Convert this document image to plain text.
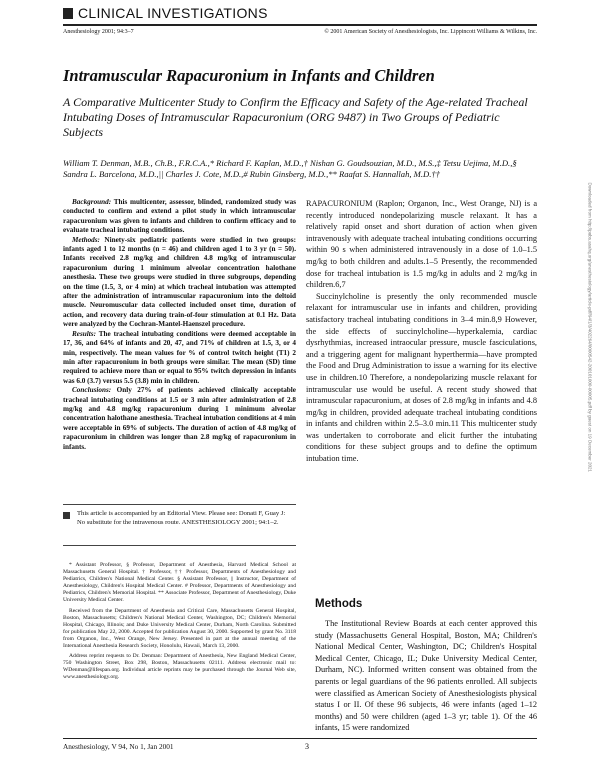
CLINICAL INVESTIGATIONS
Anesthesiology 2001; 94:3–7	© 2001 American Society of Anesthesiologists, Inc. Lippincott Williams & Wilkins, Inc.
Intramuscular Rapacuronium in Infants and Children
A Comparative Multicenter Study to Confirm the Efficacy and Safety of the Age-related Tracheal Intubating Doses of Intramuscular Rapacuronium (ORG 9487) in Two Groups of Pediatric Subjects
William T. Denman, M.B., Ch.B., F.R.C.A.,* Richard F. Kaplan, M.D.,† Nishan G. Goudsouzian, M.D., M.S.,‡ Tetsu Uejima, M.D.,§ Sandra L. Barcelona, M.D.,|| Charles J. Cote, M.D.,# Rubin Ginsberg, M.D.,** Raafat S. Hannallah, M.D.††

Background: This multicenter, assessor, blinded, randomized study was conducted to confirm and extend a pilot study in which intramuscular rapacuronium was given to infants and children to confirm efficacy and to evaluate tracheal intubating conditions.

Methods: Ninety-six pediatric patients were studied in two groups: infants aged 1 to 12 months (n = 46) and children aged 1 to 3 yr (n = 50). Infants received 2.8 mg/kg and children 4.8 mg/kg of intramuscular rapacuronium during 1 minimum alveolar concentration halothane anesthesia. These two groups were studied in three subgroups, depending on the time (1.5, 3, or 4 min) at which tracheal intubation was attempted after the administration of intramuscular rapacuronium into the deltoid muscle. Neuromuscular data collected included onset time, duration of action, and recovery data during train-of-four stimulation at 0.1 Hz. Data were analyzed by the Cochran-Mantel-Haenszel procedure.

Results: The tracheal intubating conditions were deemed acceptable in 17, 36, and 64% of infants and 20, 47, and 71% of children at 1.5, 3, or 4 min, respectively. The mean values for % of control twitch height (T1) 2 min after rapacuronium in both groups were similar. The mean (SD) time required to achieve more than or equal to 95% twitch depression in infants was 6.0 (3.7) versus 5.5 (3.8) min in children.

Conclusions: Only 27% of patients achieved clinically acceptable tracheal intubating conditions at 1.5 or 3 min after administration of 2.8 mg/kg and 4.8 mg/kg rapacuronium during 1 minimum alveolar concentration halothane anesthesia. Tracheal intubation conditions at 4 min were acceptable in 69% of subjects. The duration of action of 4.8 mg/kg of rapacuronium in children was longer than 2.8 mg/kg of rapacuronium in infants.

This article is accompanied by an Editorial View. Please see: Donati F, Guay J: No substitute for the intravenous route. ANESTHESIOLOGY 2001; 94:1–2.

* Assistant Professor, § Professor, Department of Anesthesia, Harvard Medical School at Massachusetts General Hospital. † Professor, †† Professor, Departments of Anesthesiology and Pediatrics, Children's National Medical Center. § Assistant Professor, || Instructor, Department of Anesthesiology, Children's Hospital Medical Center. # Professor, Departments of Anesthesiology and Pediatrics, Children's Memorial Hospital. ** Associate Professor, Department of Anesthesiology, Duke University Medical Center.

Received from the Department of Anesthesia and Critical Care, Massachusetts General Hospital, Boston, Massachusetts; Children's National Medical Center, Washington, DC; Children's Memorial Hospital, Chicago, Illinois; and Duke University Medical Center, Durham, North Carolina. Submitted for publication May 22, 2000. Accepted for publication August 30, 2000. Supported by grant No. 3118 from Organon, Inc., West Orange, New Jersey. Presented in part at the annual meeting of the International Anesthesia Research Society, Honolulu, Hawaii, March 13, 2000.

Address reprint requests to Dr. Denman: Department of Anesthesia, New England Medical Center, 750 Washington Street, Box 298, Boston, Massachusetts 02111. Address electronic mail to: WDenman@lifespan.org. Individual article reprints may be purchased through the Journal Web site, www.anesthesiology.org.

RAPACURONIUM (Raplon; Organon, Inc., West Orange, NJ) is a recently introduced nondepolarizing muscle relaxant. It has a relatively rapid onset and short duration of action when given intravenously with adequate tracheal intubating conditions occurring within 90 s when administered intravenously in a dose of 1.0–1.5 mg/kg to both children and adults.1–5 Presently, the recommended dose for tracheal intubation is 1.5 mg/kg in adults and 2 mg/kg in children.6,7

Succinylcholine is presently the only recommended muscle relaxant for intramuscular use in infants and children, providing satisfactory tracheal intubating conditions in 3–4 min.8,9 However, the side effects of succinylcholine—hyperkalemia, cardiac dysrhythmias, increased intraocular pressure, muscle fasciculations, and a triggering agent for malignant hyperthermia—have prompted the Food and Drug Administration to issue a warning for its elective use in children.10 Therefore, a nondepolarizing muscle relaxant for intramuscular use would be useful. A recent study showed that intramuscular rapacuronium, at doses of 2.8 mg/kg in infants and 4.8 mg/kg in children, provided adequate tracheal intubating conditions in infants and children within 2.5–3.0 min.11 This multicenter study was undertaken to corroborate and elicit further the intubating conditions for these subject groups and to define the optimum intubation time.

Methods

The Institutional Review Boards at each center approved this study (Massachusetts General Hospital, Boston, MA; Children's National Medical Center, Washington, DC; Children's Hospital Medical Center, Chicago, IL; Duke University Medical Center, Durham, NC). Informed written consent was obtained from the parents or legal guardians of the 96 patients enrolled. All subjects were classified as American Society of Anesthesiologists physical status I or II. Of these 96 subjects, 46 were infants (aged 1–12 months) and 50 were children (aged 1–3 yr; table 1). Of the 46 infants, 15 were randomized

Anesthesiology, V 94, No 1, Jan 2001	3
Downloaded from http://pubs.asahq.org/anesthesiology/article-pdf/94/1/3/402264/0000542-200101000-00005.pdf by guest on 19 December 2021
